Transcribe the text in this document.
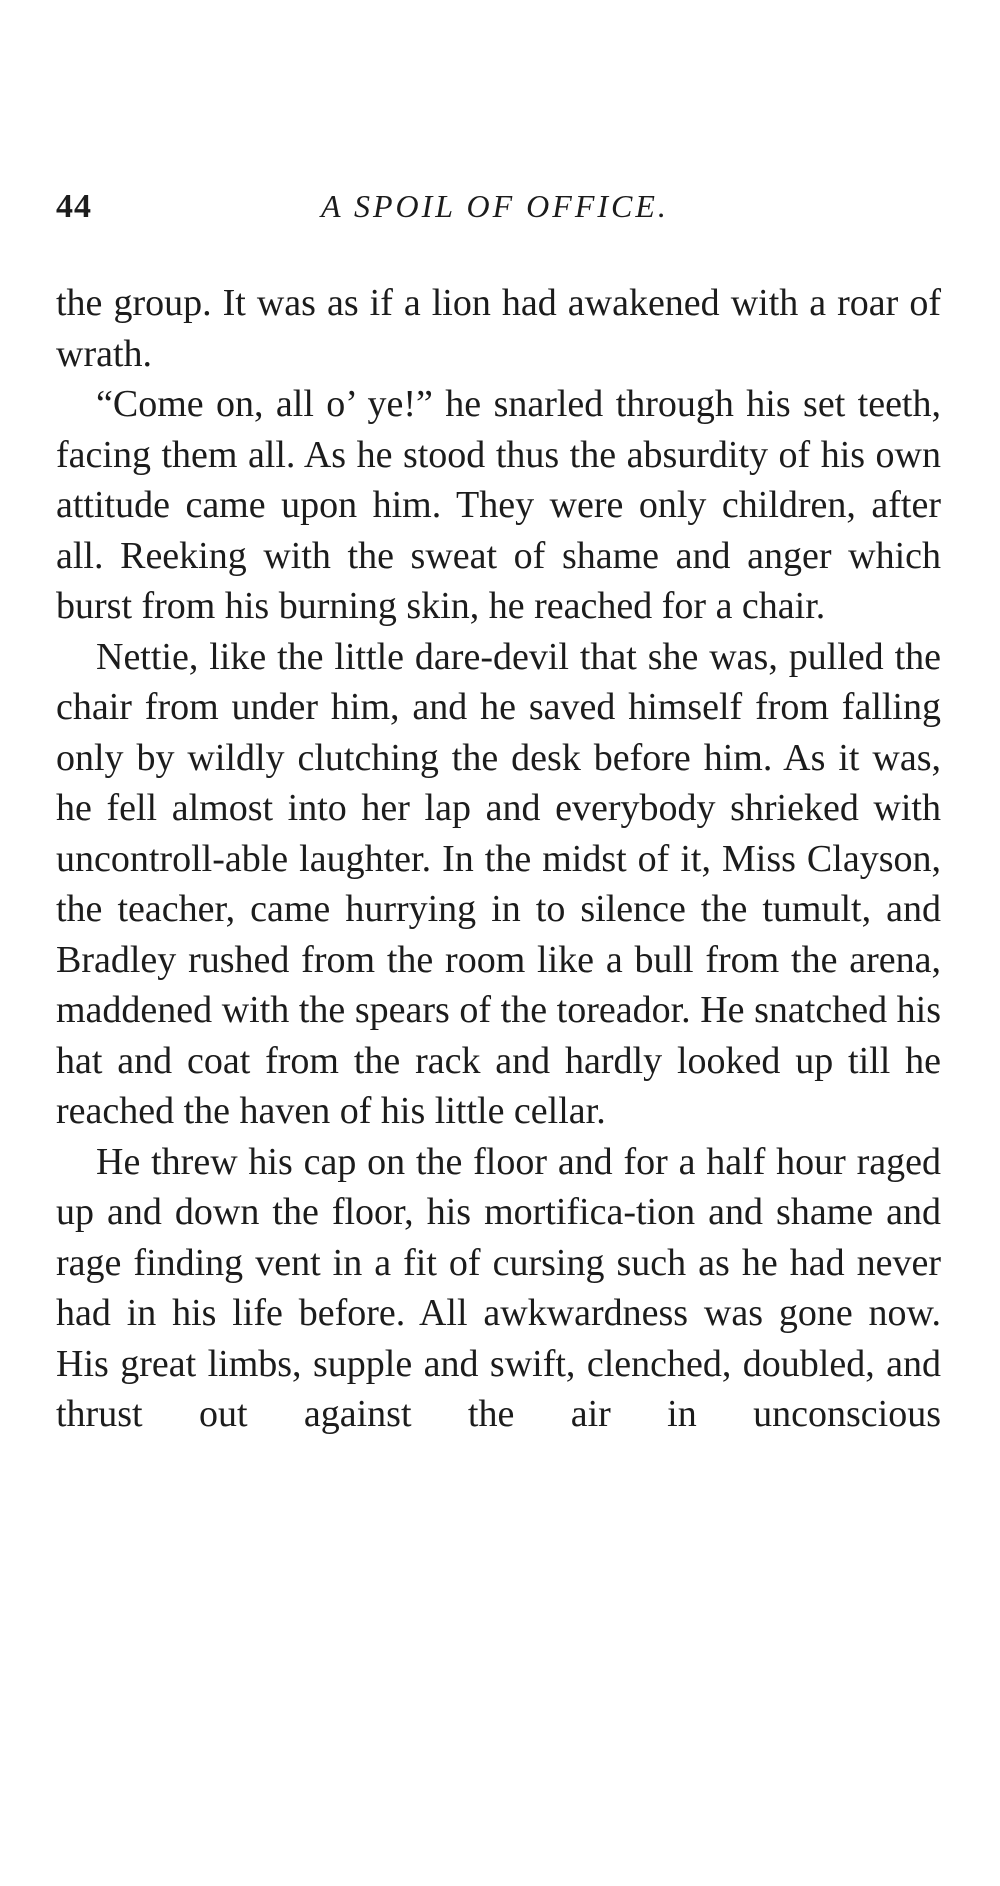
44	A SPOIL OF OFFICE.

the group. It was as if a lion had awakened with a roar of wrath.

“Come on, all o’ ye!” he snarled through his set teeth, facing them all. As he stood thus the absurdity of his own attitude came upon him. They were only children, after all. Reeking with the sweat of shame and anger which burst from his burning skin, he reached for a chair.

Nettie, like the little dare-devil that she was, pulled the chair from under him, and he saved himself from falling only by wildly clutching the desk before him. As it was, he fell almost into her lap and everybody shrieked with uncontroll-able laughter. In the midst of it, Miss Clayson, the teacher, came hurrying in to silence the tumult, and Bradley rushed from the room like a bull from the arena, maddened with the spears of the toreador. He snatched his hat and coat from the rack and hardly looked up till he reached the haven of his little cellar.

He threw his cap on the floor and for a half hour raged up and down the floor, his mortifica-tion and shame and rage finding vent in a fit of cursing such as he had never had in his life before. All awkwardness was gone now. His great limbs, supple and swift, clenched, doubled, and thrust out against the air in unconscious
